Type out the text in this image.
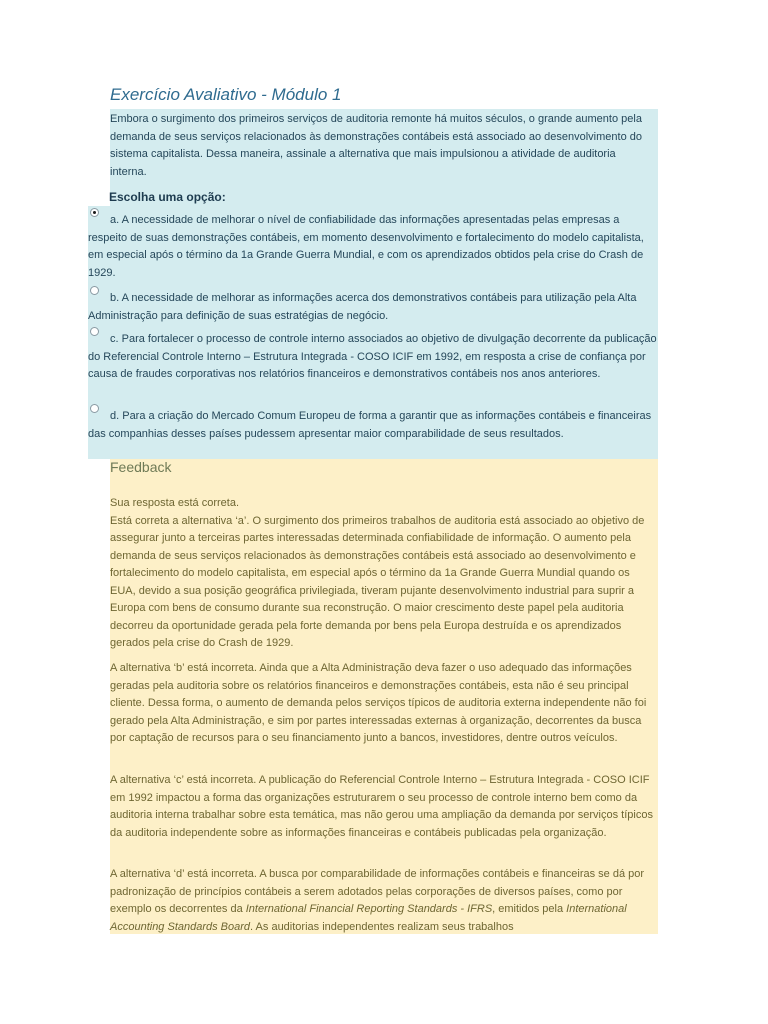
Exercício Avaliativo - Módulo 1

Embora o surgimento dos primeiros serviços de auditoria remonte há muitos séculos, o grande aumento pela demanda de seus serviços relacionados às demonstrações contábeis está associado ao desenvolvimento do sistema capitalista. Dessa maneira, assinale a alternativa que mais impulsionou a atividade de auditoria interna.

Escolha uma opção:

a. A necessidade de melhorar o nível de confiabilidade das informações apresentadas pelas empresas a respeito de suas demonstrações contábeis, em momento desenvolvimento e fortalecimento do modelo capitalista, em especial após o término da 1a Grande Guerra Mundial, e com os aprendizados obtidos pela crise do Crash de 1929.

b. A necessidade de melhorar as informações acerca dos demonstrativos contábeis para utilização pela Alta Administração para definição de suas estratégias de negócio.

c. Para fortalecer o processo de controle interno associados ao objetivo de divulgação decorrente da publicação do Referencial Controle Interno – Estrutura Integrada - COSO ICIF em 1992, em resposta a crise de confiança por causa de fraudes corporativas nos relatórios financeiros e demonstrativos contábeis nos anos anteriores.

d. Para a criação do Mercado Comum Europeu de forma a garantir que as informações contábeis e financeiras das companhias desses países pudessem apresentar maior comparabilidade de seus resultados.

Feedback

Sua resposta está correta.
Está correta a alternativa ‘a’. O surgimento dos primeiros trabalhos de auditoria está associado ao objetivo de assegurar junto a terceiras partes interessadas determinada confiabilidade de informação. O aumento pela demanda de seus serviços relacionados às demonstrações contábeis está associado ao desenvolvimento e fortalecimento do modelo capitalista, em especial após o término da 1a Grande Guerra Mundial quando os EUA, devido a sua posição geográfica privilegiada, tiveram pujante desenvolvimento industrial para suprir a Europa com bens de consumo durante sua reconstrução. O maior crescimento deste papel pela auditoria decorreu da oportunidade gerada pela forte demanda por bens pela Europa destruída e os aprendizados gerados pela crise do Crash de 1929.

A alternativa ‘b’ está incorreta. Ainda que a Alta Administração deva fazer o uso adequado das informações geradas pela auditoria sobre os relatórios financeiros e demonstrações contábeis, esta não é seu principal cliente. Dessa forma, o aumento de demanda pelos serviços típicos de auditoria externa independente não foi gerado pela Alta Administração, e sim por partes interessadas externas à organização, decorrentes da busca por captação de recursos para o seu financiamento junto a bancos, investidores, dentre outros veículos.

A alternativa ‘c’ está incorreta. A publicação do Referencial Controle Interno – Estrutura Integrada - COSO ICIF em 1992 impactou a forma das organizações estruturarem o seu processo de controle interno bem como da auditoria interna trabalhar sobre esta temática, mas não gerou uma ampliação da demanda por serviços típicos da auditoria independente sobre as informações financeiras e contábeis publicadas pela organização.

A alternativa ‘d’ está incorreta. A busca por comparabilidade de informações contábeis e financeiras se dá por padronização de princípios contábeis a serem adotados pelas corporações de diversos países, como por exemplo os decorrentes da International Financial Reporting Standards - IFRS, emitidos pela International Accounting Standards Board. As auditorias independentes realizam seus trabalhos
